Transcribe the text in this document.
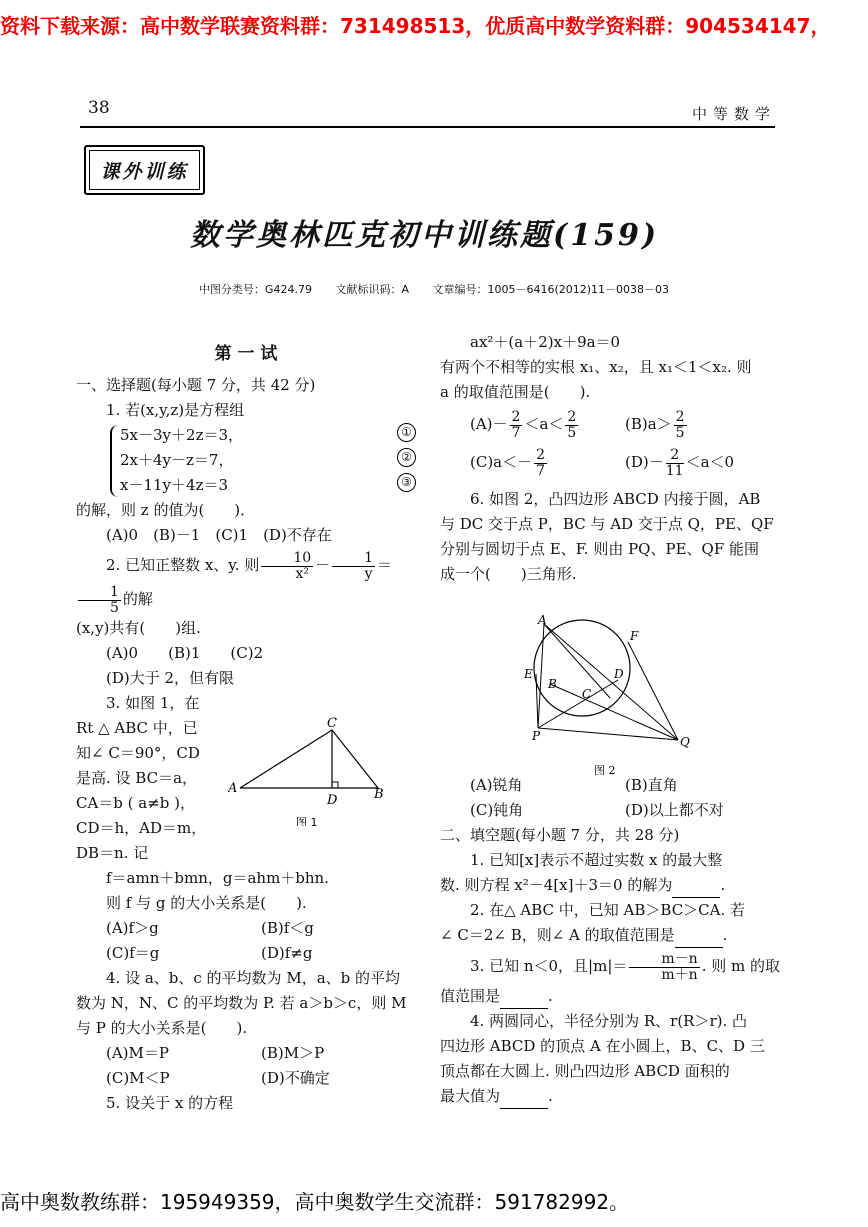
资料下载来源：高中数学联赛资料群：731498513，优质高中数学资料群：904534147，
38	中等数学
课外训练
数学奥林匹克初中训练题(159)
中图分类号：G424.79 文献标识码：A 文章编号：1005－6416(2012)11－0038－03

第 一 试

一、选择题(每小题 7 分，共 42 分)

1. 若(x,y,z)是方程组

5x－3y＋2z＝3，	①
2x＋4y－z＝7，	②
x－11y＋4z＝3	③

的解，则 z 的值为(　　)．

(A)0　(B)－1　(C)1　(D)不存在

2. 已知正整数 x、y. 则 $\frac{10}{\text{x²}} - \frac{1}{y}$ ＝
$\frac{1}{5}$ 的解

(x,y)共有(　　)组.

(A)0　　 (B)1　　 (C)2

(D)大于 2，但有限

3. 如图 1，在

Rt △ ABC 中，已

知∠ C＝90°，CD

是高. 设 BC＝a，

CA＝b ( a≠b )，

CD＝h，AD＝m，

DB＝n. 记

f＝amn＋bmn，g＝ahm＋bhn.

则 f 与 g 的大小关系是(　　).

(A)f＞g	(B)f＜g
(C)f＝g	(D)f≠g

4. 设 a、b、c 的平均数为 M，a、b 的平均

数为 N，N、C 的平均数为 P. 若 a＞b＞c，则 M

与 P 的大小关系是(　　).

(A)M＝P	(B)M＞P
(C)M＜P	(D)不确定

5. 设关于 x 的方程

A
C
D	B
图 1

ax²＋(a＋2)x＋9a＝0

有两个不相等的实根 x₁、x₂，且 x₁＜1＜x₂. 则

a 的取值范围是(　　).

$(A)- \frac{2}{7} <a< \frac{2}{5}$	$(B)a> \frac{2}{5}$
$(C)a<- \frac{2}{7}$	$(D)- \frac{2}{11} <a<0$

6. 如图 2，凸四边形 ABCD 内接于圆，AB

与 DC 交于点 P，BC 与 AD 交于点 Q，PE、QF

分别与圆切于点 E、F. 则由 PQ、PE、QF 能围

成一个(　　)三角形.

(A)锐角	(B)直角
(C)钝角	(D)以上都不对

二、填空题(每小题 7 分，共 28 分)

1. 已知[x]表示不超过实数 x 的最大整

数. 则方程 x²－4[x]＋3＝0 的解为	.

2. 在△ ABC 中，已知 AB＞BC＞CA. 若

∠ C＝2∠ B，则∠ A 的取值范围是	.

3. 已知 n＜0，且$|m|= \frac{m-n}{m+n}$ . 则 m 的取

值范围是	.

4. 两圆同心，半径分别为 R、r(R＞r). 凸

四边形 ABCD 的顶点 A 在小圆上，B、C、D 三

顶点都在大圆上. 则凸四边形 ABCD 面积的

最大值为	.

A
F
E
B
D
C
P	Q
图 2
高中奥数教练群：195949359，高中奥数学生交流群：591782992。
